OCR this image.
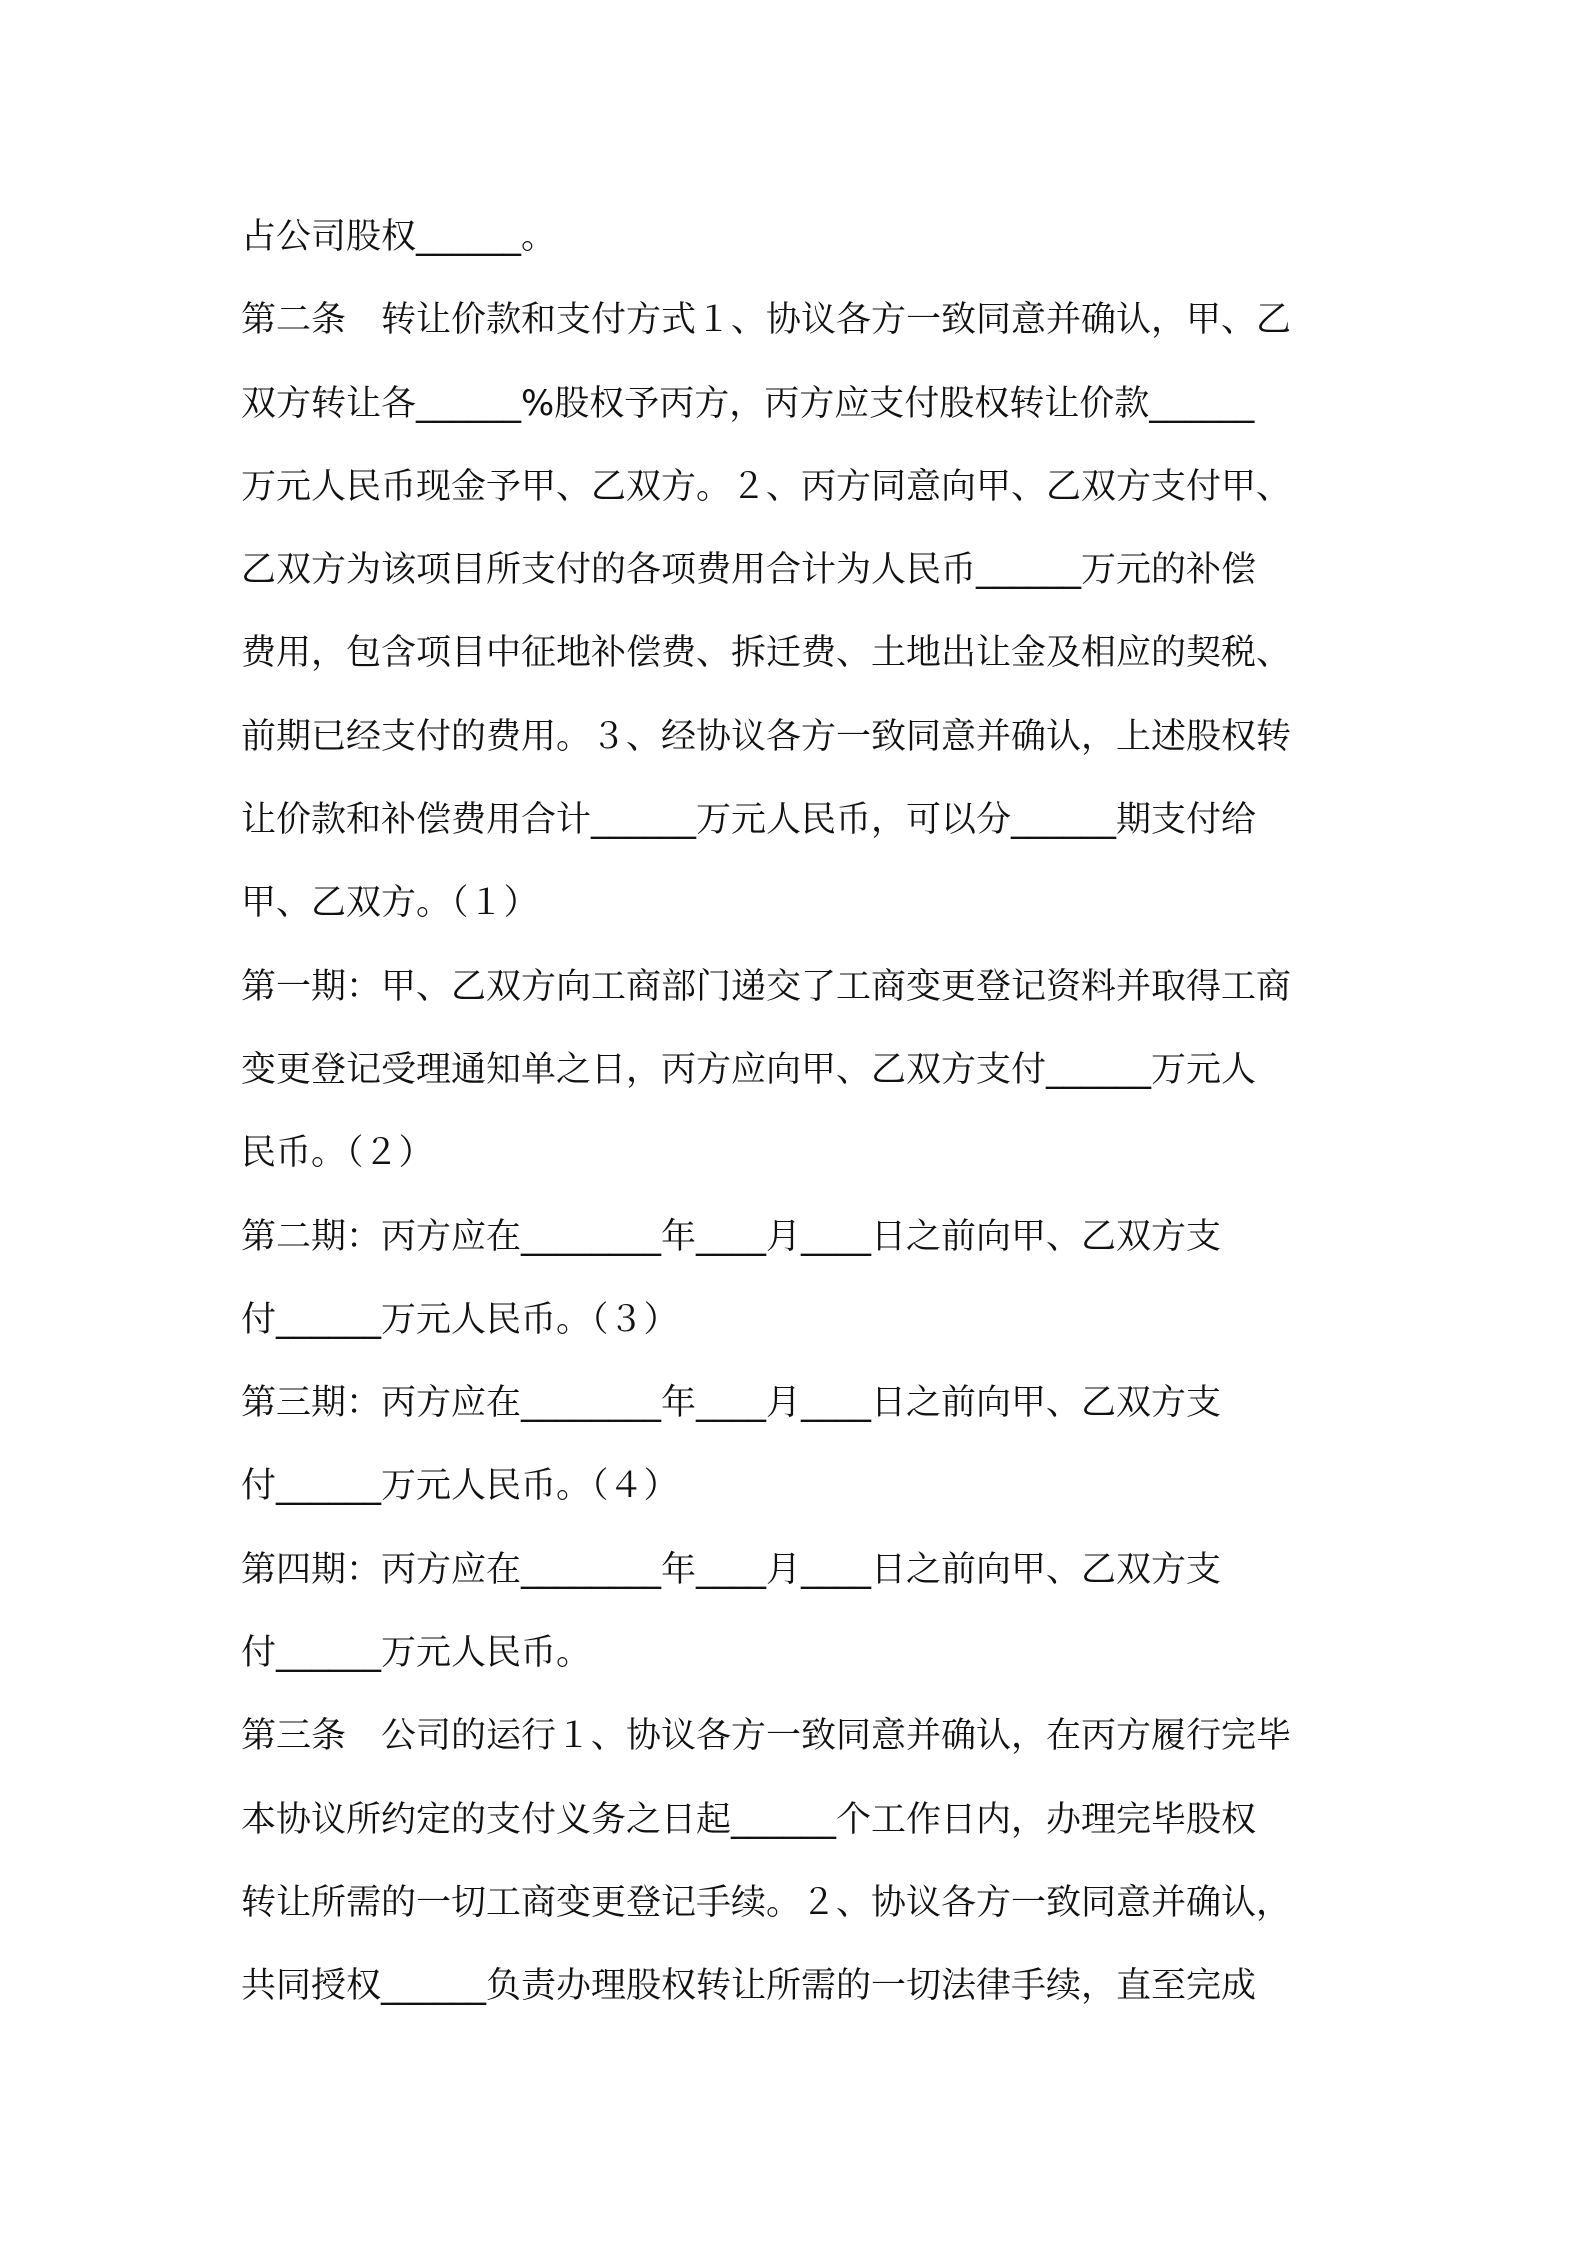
占公司股权______。
第二条　转让价款和支付方式１、协议各方一致同意并确认，甲、乙
双方转让各______%股权予丙方，丙方应支付股权转让价款______
万元人民币现金予甲、乙双方。２、丙方同意向甲、乙双方支付甲、
乙双方为该项目所支付的各项费用合计为人民币______万元的补偿
费用，包含项目中征地补偿费、拆迁费、土地出让金及相应的契税、
前期已经支付的费用。３、经协议各方一致同意并确认，上述股权转
让价款和补偿费用合计______万元人民币，可以分______期支付给
甲、乙双方。（１）
第一期：甲、乙双方向工商部门递交了工商变更登记资料并取得工商
变更登记受理通知单之日，丙方应向甲、乙双方支付______万元人
民币。（２）
第二期：丙方应在________年____月____日之前向甲、乙双方支
付______万元人民币。（３）
第三期：丙方应在________年____月____日之前向甲、乙双方支
付______万元人民币。（４）
第四期：丙方应在________年____月____日之前向甲、乙双方支
付______万元人民币。
第三条　公司的运行１、协议各方一致同意并确认，在丙方履行完毕
本协议所约定的支付义务之日起______个工作日内，办理完毕股权
转让所需的一切工商变更登记手续。２、协议各方一致同意并确认，
共同授权______负责办理股权转让所需的一切法律手续，直至完成
